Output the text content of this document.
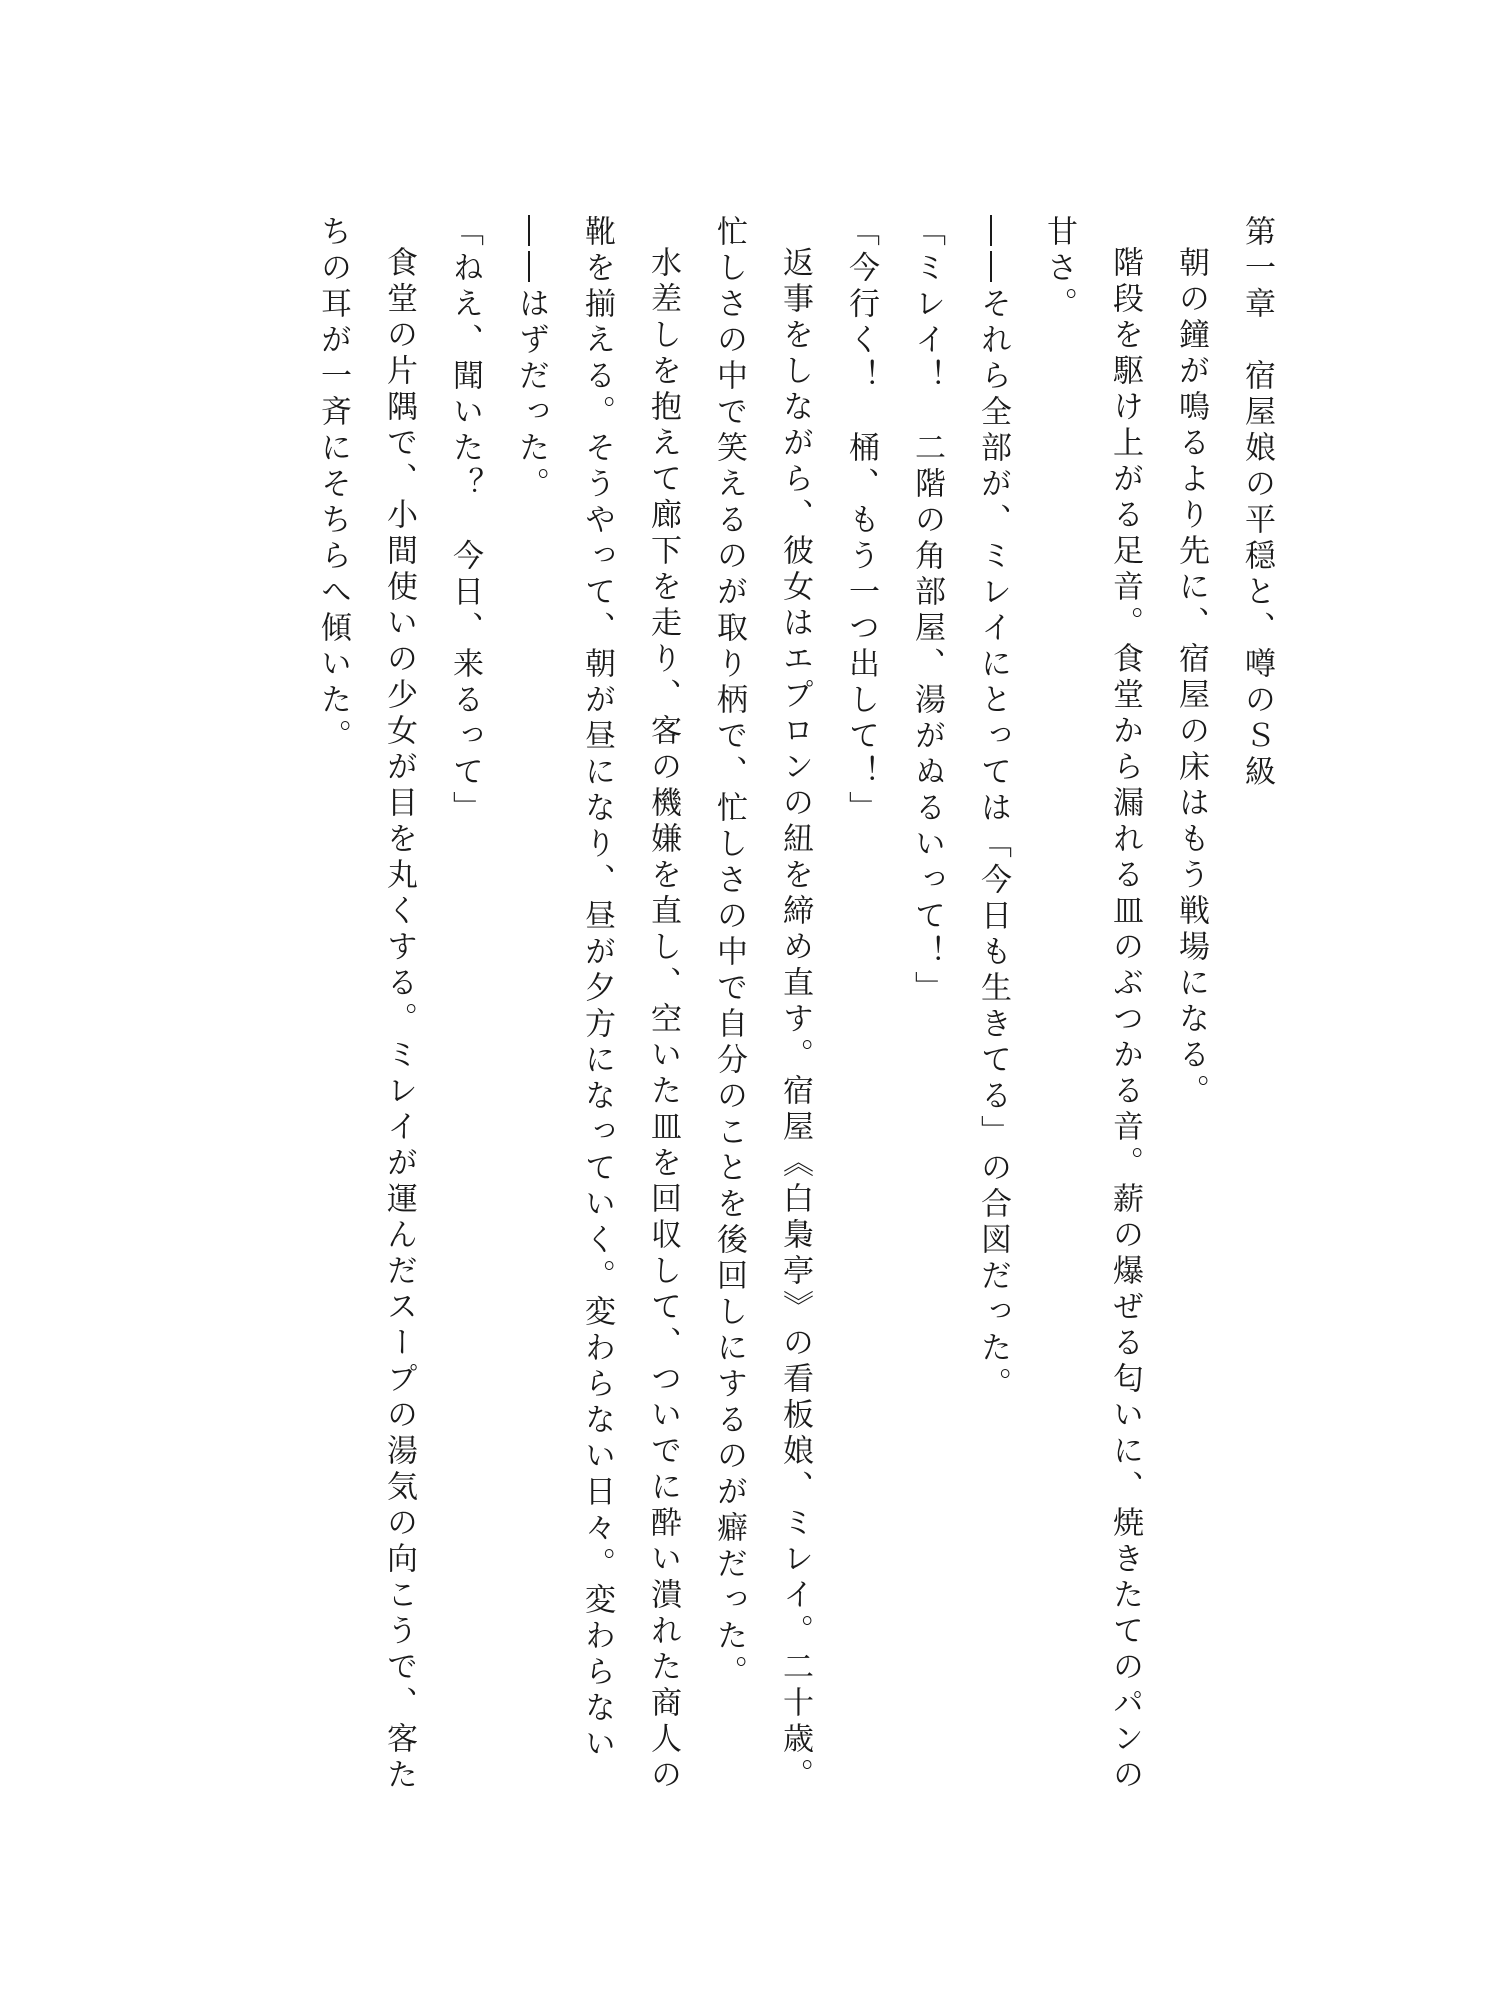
第一章　宿屋娘の平穏と、噂のＳ級

朝の鐘が鳴るより先に、宿屋の床はもう戦場になる。

階段を駆け上がる足音。食堂から漏れる皿のぶつかる音。薪の爆ぜる匂いに、焼きたてのパンの甘さ。

――それら全部が、ミレイにとっては「今日も生きてる」の合図だった。

「ミレイ！　二階の角部屋、湯がぬるいって！」

「今行く！　桶、もう一つ出して！」

返事をしながら、彼女はエプロンの紐を締め直す。宿屋《白梟亭》の看板娘、ミレイ。二十歳。忙しさの中で笑えるのが取り柄で、忙しさの中で自分のことを後回しにするのが癖だった。

水差しを抱えて廊下を走り、客の機嫌を直し、空いた皿を回収して、ついでに酔い潰れた商人の靴を揃える。そうやって、朝が昼になり、昼が夕方になっていく。変わらない日々。変わらない――はずだった。

「ねえ、聞いた？　今日、来るって」

食堂の片隅で、小間使いの少女が目を丸くする。ミレイが運んだスープの湯気の向こうで、客たちの耳が一斉にそちらへ傾いた。
